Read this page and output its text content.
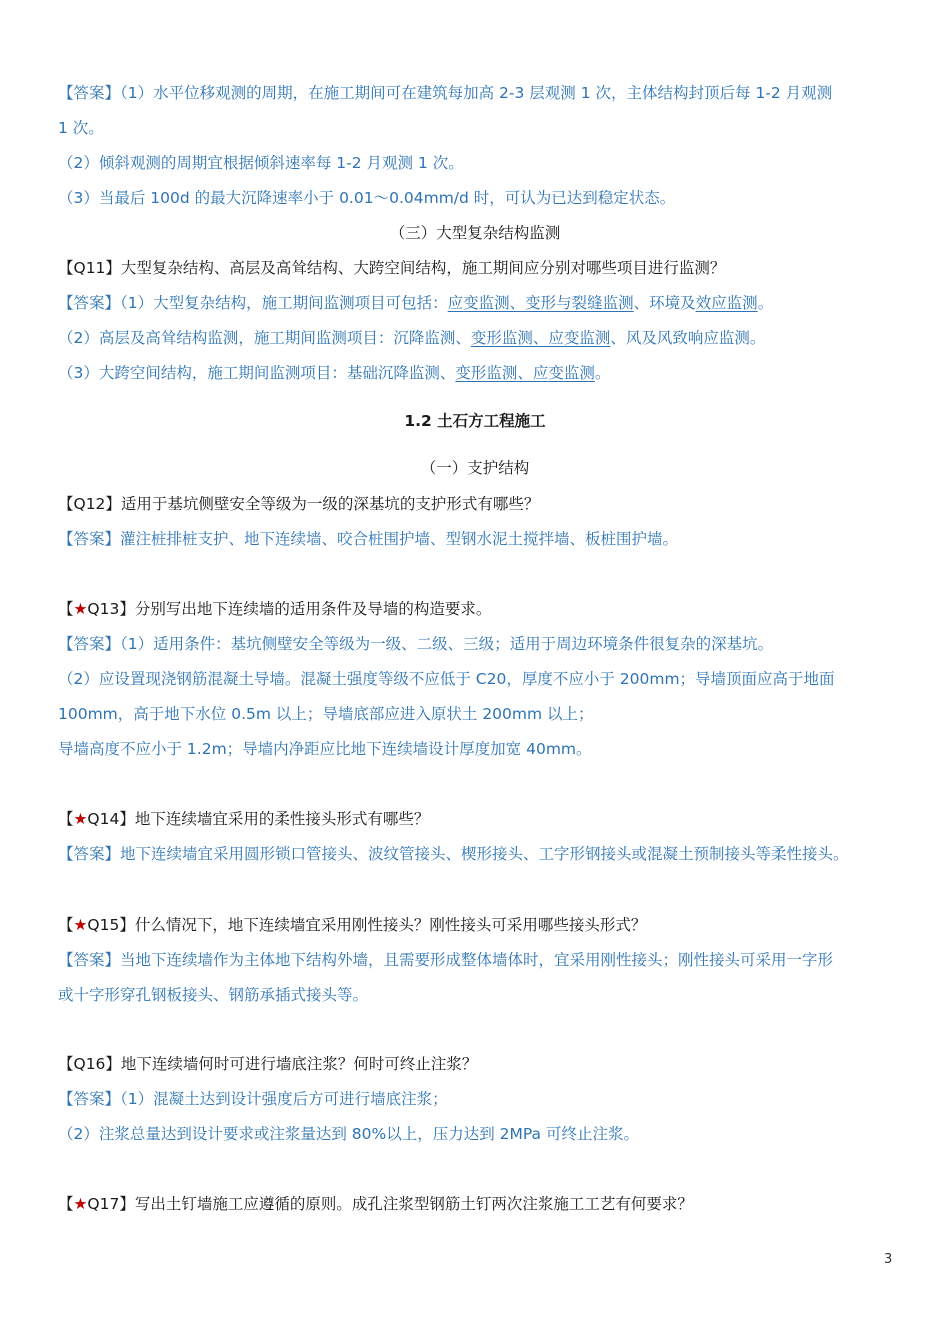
【答案】（1）水平位移观测的周期，在施工期间可在建筑每加高 2-3 层观测 1 次，主体结构封顶后每 1-2 月观测
1 次。
（2）倾斜观测的周期宜根据倾斜速率每 1-2 月观测 1 次。
（3）当最后 100d 的最大沉降速率小于 0.01～0.04mm/d 时，可认为已达到稳定状态。
（三）大型复杂结构监测
【Q11】大型复杂结构、高层及高耸结构、大跨空间结构，施工期间应分别对哪些项目进行监测？
【答案】（1）大型复杂结构，施工期间监测项目可包括：应变监测、变形与裂缝监测、环境及效应监测。
（2）高层及高耸结构监测，施工期间监测项目：沉降监测、变形监测、应变监测、风及风致响应监测。
（3）大跨空间结构，施工期间监测项目：基础沉降监测、变形监测、应变监测。
1.2 土石方工程施工
（一）支护结构
【Q12】适用于基坑侧壁安全等级为一级的深基坑的支护形式有哪些？
【答案】灌注桩排桩支护、地下连续墙、咬合桩围护墙、型钢水泥土搅拌墙、板桩围护墙。
【★Q13】分别写出地下连续墙的适用条件及导墙的构造要求。
【答案】（1）适用条件：基坑侧壁安全等级为一级、二级、三级；适用于周边环境条件很复杂的深基坑。
（2）应设置现浇钢筋混凝土导墙。混凝土强度等级不应低于 C20，厚度不应小于 200mm；导墙顶面应高于地面
100mm，高于地下水位 0.5m 以上；导墙底部应进入原状土 200mm 以上；
导墙高度不应小于 1.2m；导墙内净距应比地下连续墙设计厚度加宽 40mm。
【★Q14】地下连续墙宜采用的柔性接头形式有哪些？
【答案】地下连续墙宜采用圆形锁口管接头、波纹管接头、楔形接头、工字形钢接头或混凝土预制接头等柔性接头。
【★Q15】什么情况下，地下连续墙宜采用刚性接头？刚性接头可采用哪些接头形式？
【答案】当地下连续墙作为主体地下结构外墙，且需要形成整体墙体时，宜采用刚性接头；刚性接头可采用一字形
或十字形穿孔钢板接头、钢筋承插式接头等。
【Q16】地下连续墙何时可进行墙底注浆？何时可终止注浆？
【答案】（1）混凝土达到设计强度后方可进行墙底注浆；
（2）注浆总量达到设计要求或注浆量达到 80%以上，压力达到 2MPa 可终止注浆。
【★Q17】写出土钉墙施工应遵循的原则。成孔注浆型钢筋土钉两次注浆施工工艺有何要求？
3
